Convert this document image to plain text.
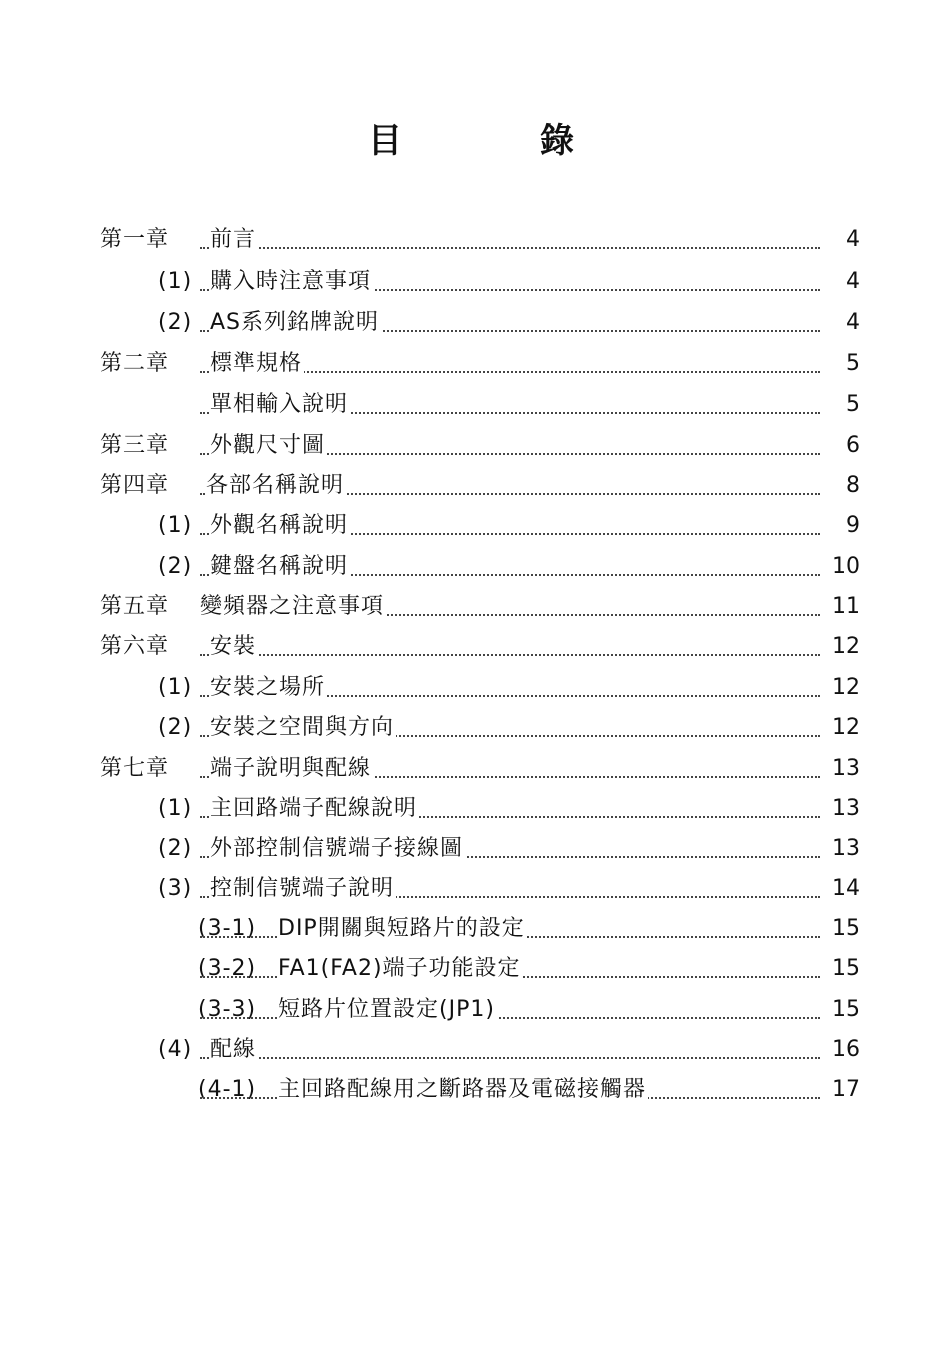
目	錄
第一章 前言	4
(1) 購入時注意事項	4
(2) AS系列銘牌說明	4
第二章 標準規格	5
單相輸入說明	5
第三章 外觀尺寸圖	6
第四章 各部名稱說明	8
(1) 外觀名稱說明	9
(2) 鍵盤名稱說明	10
第五章 變頻器之注意事項	11
第六章 安裝	12
(1) 安裝之場所	12
(2) 安裝之空間與方向	12
第七章 端子說明與配線	13
(1) 主回路端子配線說明	13
(2) 外部控制信號端子接線圖	13
(3) 控制信號端子說明	14
(3-1) DIP開關與短路片的設定	15
(3-2) FA1(FA2)端子功能設定	15
(3-3) 短路片位置設定(JP1)	15
(4) 配線	16
(4-1) 主回路配線用之斷路器及電磁接觸器	17
